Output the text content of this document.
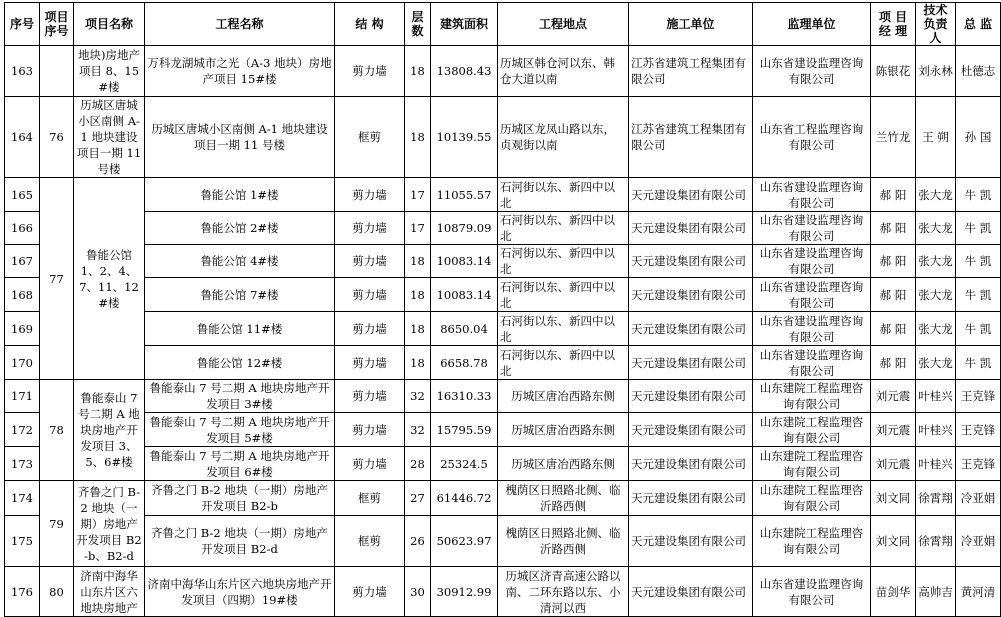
序号	项目序号	项目名称	工程名称	结 构	层数	建筑面积	工程地点	施工单位	监理单位	项 目 经 理	技术负责人	总 监
163		地块)房地产项目 8、15#楼	万科龙湖城市之光（A-3 地块）房地产项目 15#楼	剪力墙	18	13808.43	历城区韩仓河以东、韩仓大道以南	江苏省建筑工程集团有限公司	山东省建设监理咨询有限公司	陈银花	刘永林	杜德志
164	76	历城区唐城小区南侧 A-1 地块建设项目一期 11 号楼	历城区唐城小区南侧 A-1 地块建设项目一期 11 号楼	框剪	18	10139.55	历城区龙凤山路以东，贞观街以南	江苏省建筑工程集团有限公司	山东省工程监理咨询有限公司	兰竹龙	王 朔	孙 国
165	77	鲁能公馆 1、2、4、7、11、12#楼	鲁能公馆 1#楼	剪力墙	17	11055.57	石河街以东、新四中以北	天元建设集团有限公司	山东省建设监理咨询有限公司	郝 阳	张大龙	牛 凯
166			鲁能公馆 2#楼	剪力墙	17	10879.09	石河街以东、新四中以北	天元建设集团有限公司	山东省建设监理咨询有限公司	郝 阳	张大龙	牛 凯
167			鲁能公馆 4#楼	剪力墙	18	10083.14	石河街以东、新四中以北	天元建设集团有限公司	山东省建设监理咨询有限公司	郝 阳	张大龙	牛 凯
168			鲁能公馆 7#楼	剪力墙	18	10083.14	石河街以东、新四中以北	天元建设集团有限公司	山东省建设监理咨询有限公司	郝 阳	张大龙	牛 凯
169			鲁能公馆 11#楼	剪力墙	18	8650.04	石河街以东、新四中以北	天元建设集团有限公司	山东省建设监理咨询有限公司	郝 阳	张大龙	牛 凯
170			鲁能公馆 12#楼	剪力墙	18	6658.78	石河街以东、新四中以北	天元建设集团有限公司	山东省建设监理咨询有限公司	郝 阳	张大龙	牛 凯
171	78	鲁能泰山 7 号二期 A 地块房地产开发项目 3、5、6#楼	鲁能泰山 7 号二期 A 地块房地产开发项目 3#楼	剪力墙	32	16310.33	历城区唐冶西路东侧	天元建设集团有限公司	山东建院工程监理咨询有限公司	刘元震	叶桂兴	王克锋
172			鲁能泰山 7 号二期 A 地块房地产开发项目 5#楼	剪力墙	32	15795.59	历城区唐冶西路东侧	天元建设集团有限公司	山东建院工程监理咨询有限公司	刘元震	叶桂兴	王克锋
173			鲁能泰山 7 号二期 A 地块房地产开发项目 6#楼	剪力墙	28	25324.5	历城区唐冶西路东侧	天元建设集团有限公司	山东建院工程监理咨询有限公司	刘元震	叶桂兴	王克锋
174	79	齐鲁之门 B-2 地块（一期）房地产开发项目 B2-b、B2-d	齐鲁之门 B-2 地块（一期）房地产开发项目 B2-b	框剪	27	61446.72	槐荫区日照路北侧、临沂路西侧	天元建设集团有限公司	山东建院工程监理咨询有限公司	刘文同	徐霄翔	冷亚娟
175			齐鲁之门 B-2 地块（一期）房地产开发项目 B2-d	框剪	26	50623.97	槐荫区日照路北侧、临沂路西侧	天元建设集团有限公司	山东建院工程监理咨询有限公司	刘文同	徐霄翔	冷亚娟
176	80	济南中海华山东片区六地块房地产	济南中海华山东片区六地块房地产开发项目（四期）19#楼	剪力墙	30	30912.99	历城区济青高速公路以南、二环东路以东、小清河以西	天元建设集团有限公司	山东省建设监理咨询有限公司	苗剑华	高帅吉	黄河清
